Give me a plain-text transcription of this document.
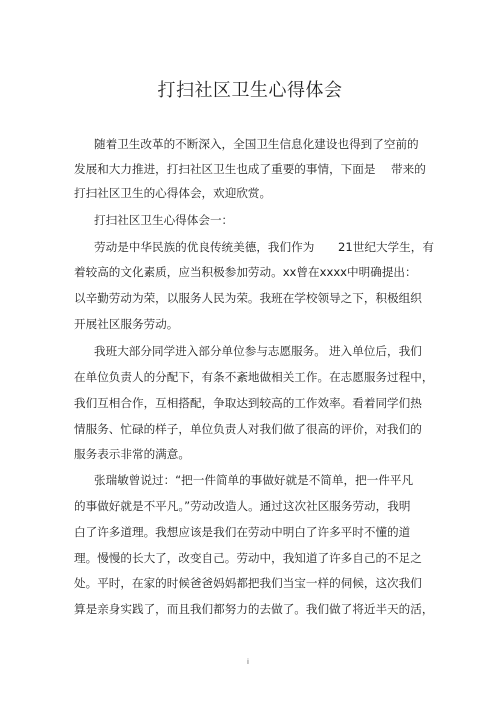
打扫社区卫生心得体会
随着卫生改革的不断深入，全国卫生信息化建设也得到了空前的
发展和大力推进，打扫社区卫生也成了重要的事情，下面是 带来的
打扫社区卫生的心得体会，欢迎欣赏。
打扫社区卫生心得体会一：
劳动是中华民族的优良传统美德，我们作为 21世纪大学生，有
着较高的文化素质，应当积极参加劳动。xx曾在xxxx中明确提出：
以辛勤劳动为荣，以服务人民为荣。我班在学校领导之下，积极组织
开展社区服务劳动。
我班大部分同学进入部分单位参与志愿服务。 进入单位后，我们
在单位负责人的分配下，有条不紊地做相关工作。在志愿服务过程中，
我们互相合作，互相搭配，争取达到较高的工作效率。看着同学们热
情服务、忙碌的样子，单位负责人对我们做了很高的评价，对我们的
服务表示非常的满意。
张瑞敏曾说过：“把一件简单的事做好就是不简单，把一件平凡
的事做好就是不平凡。”劳动改造人。通过这次社区服务劳动，我明
白了许多道理。我想应该是我们在劳动中明白了许多平时不懂的道
理。慢慢的长大了，改变自己。劳动中，我知道了许多自己的不足之
处。平时，在家的时候爸爸妈妈都把我们当宝一样的伺候，这次我们
算是亲身实践了，而且我们都努力的去做了。我们做了将近半天的活，
i
